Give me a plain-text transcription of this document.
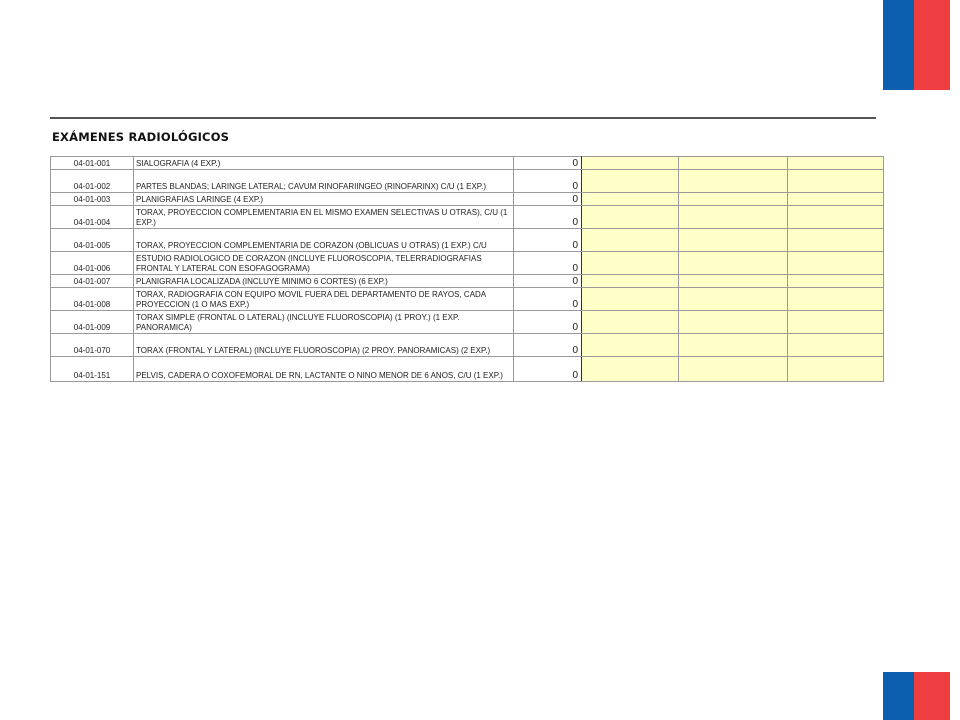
EXÁMENES RADIOLÓGICOS
04-01-001	SIALOGRAFIA (4 EXP.)	0			
04-01-002	PARTES BLANDAS; LARINGE LATERAL; CAVUM RINOFARIINGEO (RINOFARINX) C/U (1 EXP.)	0			
04-01-003	PLANIGRAFIAS LARINGE (4 EXP.)	0			
04-01-004	TORAX, PROYECCION COMPLEMENTARIA EN EL MISMO EXAMEN SELECTIVAS U OTRAS), C/U (1 EXP.)	0			
04-01-005	TORAX, PROYECCION COMPLEMENTARIA DE CORAZON (OBLICUAS U OTRAS) (1 EXP.) C/U	0			
04-01-006	ESTUDIO RADIOLOGICO DE CORAZON (INCLUYE FLUOROSCOPIA, TELERRADIOGRAFIAS FRONTAL Y LATERAL CON ESOFAGOGRAMA)	0			
04-01-007	PLANIGRAFIA LOCALIZADA (INCLUYE MINIMO 6 CORTES) (6 EXP.)	0			
04-01-008	TORAX, RADIOGRAFIA CON EQUIPO MOVIL FUERA DEL DEPARTAMENTO DE RAYOS, CADA PROYECCION (1 O MAS EXP.)	0			
04-01-009	TORAX SIMPLE (FRONTAL O LATERAL) (INCLUYE FLUOROSCOPIA) (1 PROY.) (1 EXP. PANORAMICA)	0			
04-01-070	TORAX (FRONTAL Y LATERAL) (INCLUYE FLUOROSCOPIA) (2 PROY. PANORAMICAS) (2 EXP.)	0			
04-01-151	PELVIS, CADERA O COXOFEMORAL DE RN, LACTANTE O NINO MENOR DE 6 ANOS, C/U (1 EXP.)	0			
